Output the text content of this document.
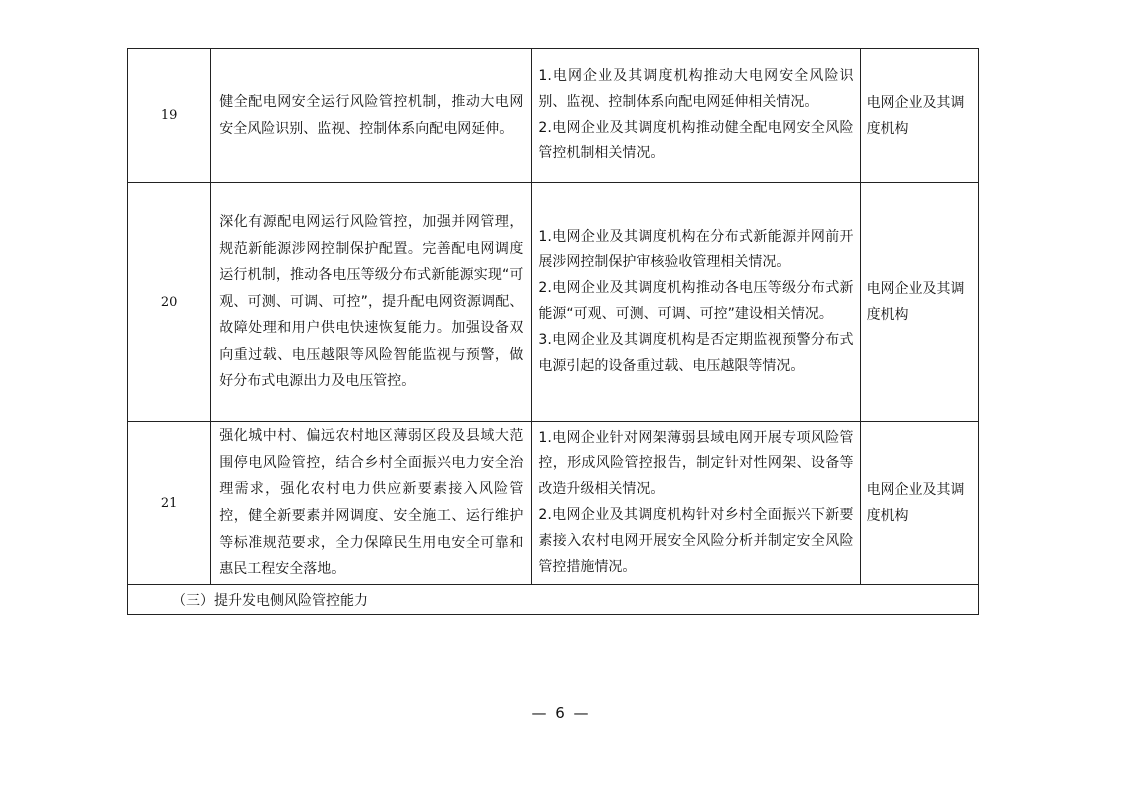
19	健全配电网安全运行风险管控机制，推动大电网安全风险识别、监视、控制体系向配电网延伸。	1.电网企业及其调度机构推动大电网安全风险识别、监视、控制体系向配电网延伸相关情况。

2.电网企业及其调度机构推动健全配电网安全风险管控机制相关情况。	电网企业及其调度机构
20	深化有源配电网运行风险管控，加强并网管理，规范新能源涉网控制保护配置。完善配电网调度运行机制，推动各电压等级分布式新能源实现“可观、可测、可调、可控”，提升配电网资源调配、故障处理和用户供电快速恢复能力。加强设备双向重过载、电压越限等风险智能监视与预警，做好分布式电源出力及电压管控。	1.电网企业及其调度机构在分布式新能源并网前开展涉网控制保护审核验收管理相关情况。

2.电网企业及其调度机构推动各电压等级分布式新能源“可观、可测、可调、可控”建设相关情况。

3.电网企业及其调度机构是否定期监视预警分布式电源引起的设备重过载、电压越限等情况。	电网企业及其调度机构
21	强化城中村、偏远农村地区薄弱区段及县域大范围停电风险管控，结合乡村全面振兴电力安全治理需求，强化农村电力供应新要素接入风险管控，健全新要素并网调度、安全施工、运行维护等标准规范要求，全力保障民生用电安全可靠和惠民工程安全落地。	1.电网企业针对网架薄弱县域电网开展专项风险管控，形成风险管控报告，制定针对性网架、设备等改造升级相关情况。

2.电网企业及其调度机构针对乡村全面振兴下新要素接入农村电网开展安全风险分析并制定安全风险管控措施情况。	电网企业及其调度机构
（三）提升发电侧风险管控能力			
— 6 —
